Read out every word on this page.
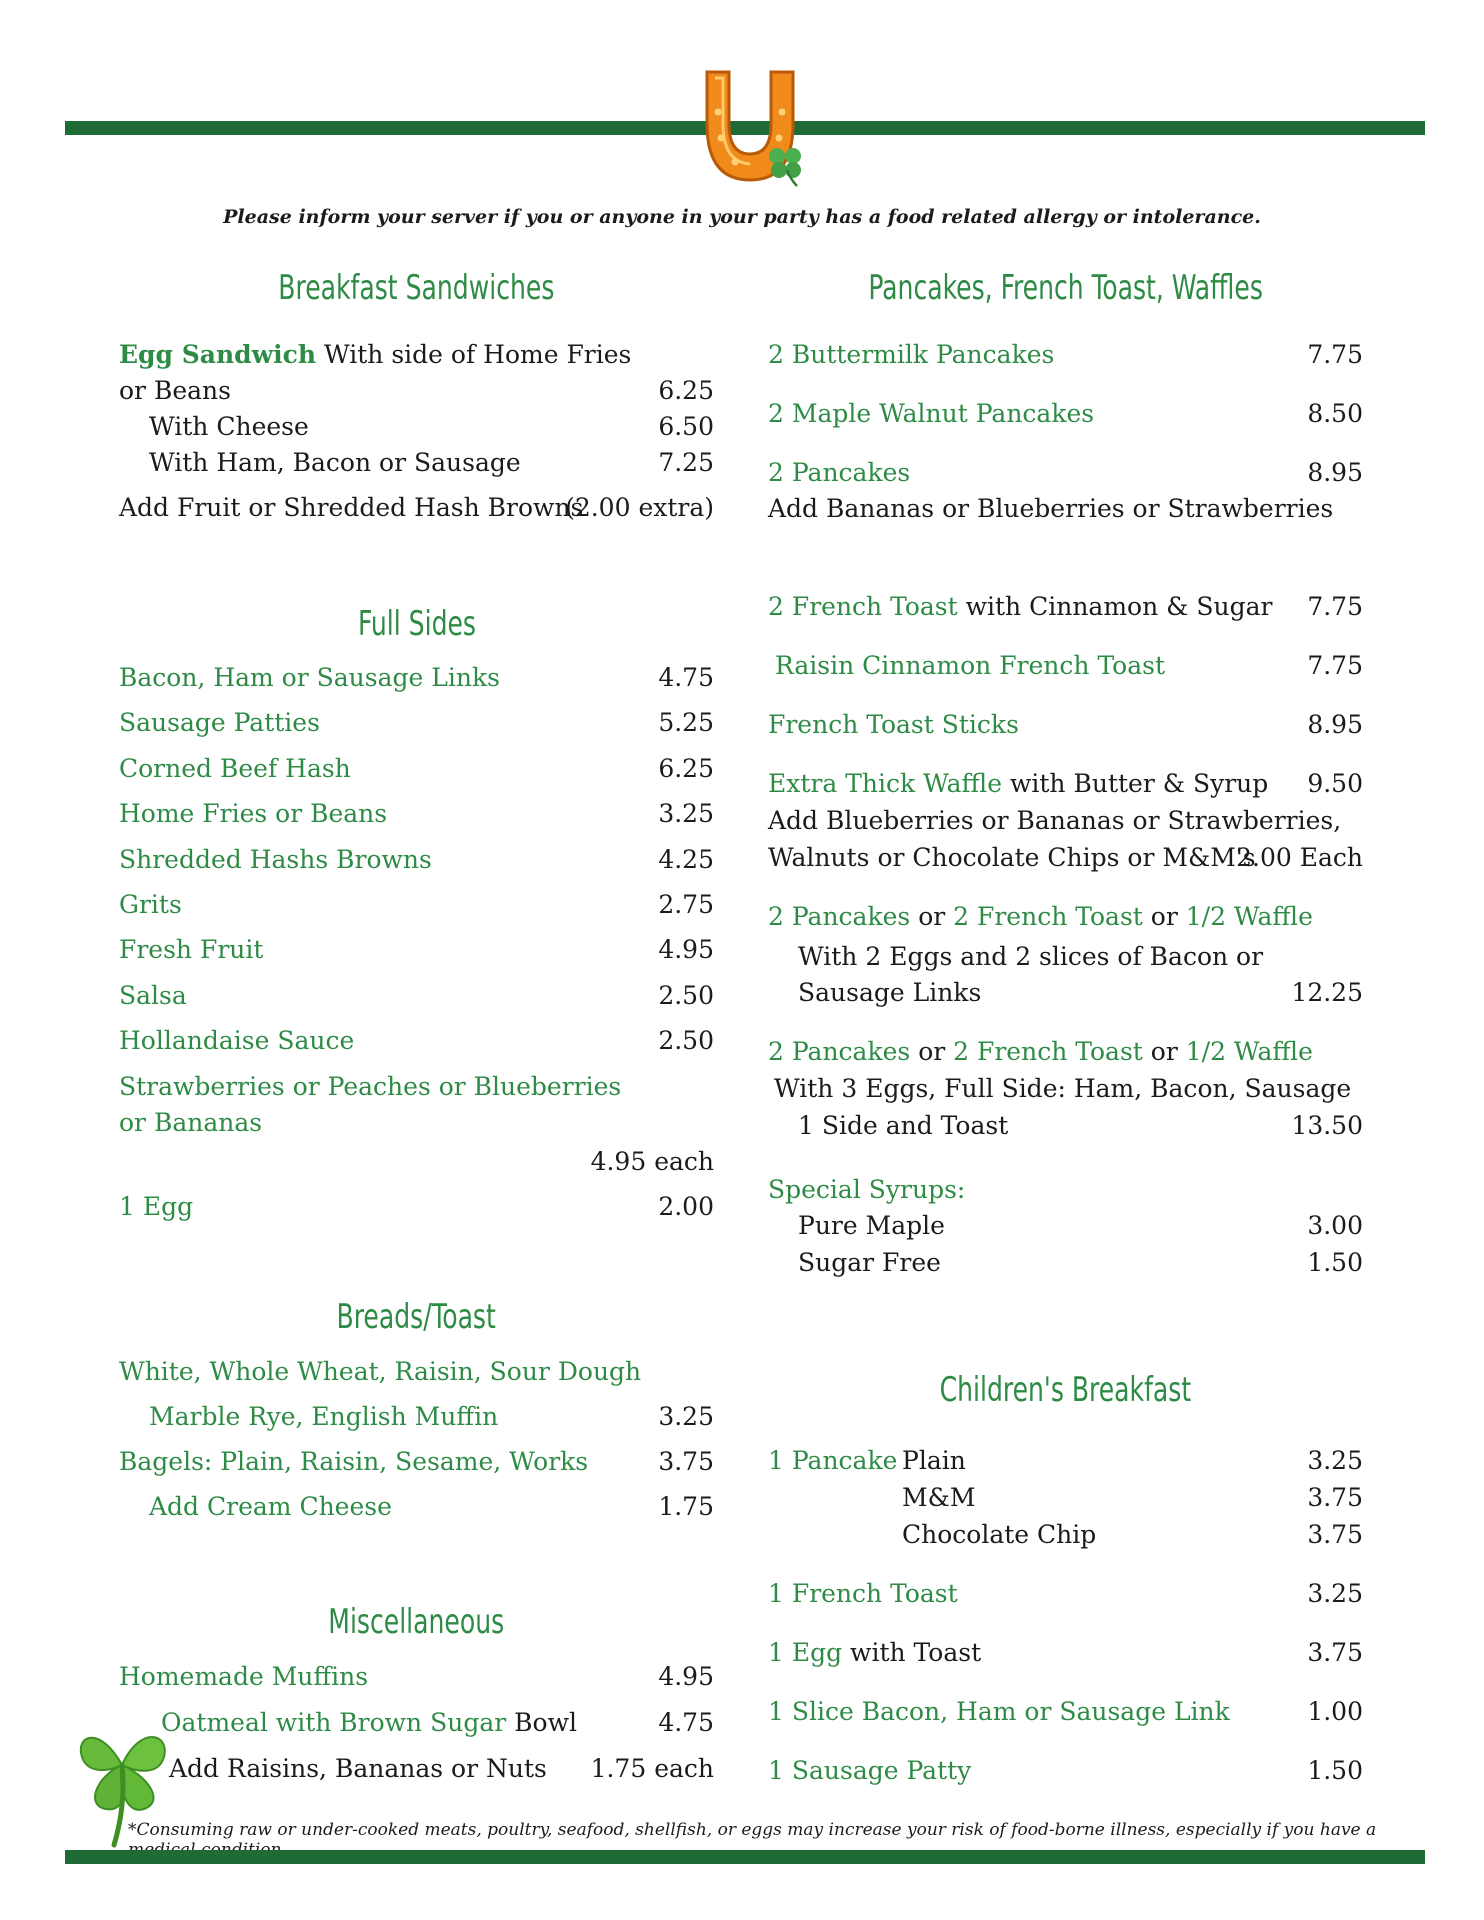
Please inform your server if you or anyone in your party has a food related allergy or intolerance.
Breakfast Sandwiches
Egg Sandwich With side of Home Fries
or Beans	6.25
With Cheese	6.50
With Ham, Bacon or Sausage	7.25
Add Fruit or Shredded Hash Browns
(2.00 extra)
Full Sides
Bacon, Ham or Sausage Links	4.75
Sausage Patties	5.25
Corned Beef Hash	6.25
Home Fries or Beans	3.25
Shredded Hashs Browns	4.25
Grits	2.75
Fresh Fruit	4.95
Salsa	2.50
Hollandaise Sauce	2.50
Strawberries or Peaches or Blueberries
or Bananas
4.95 each
1 Egg	2.00
Breads/Toast
White, Whole Wheat, Raisin, Sour Dough
Marble Rye, English Muffin	3.25
Bagels: Plain, Raisin, Sesame, Works	3.75
Add Cream Cheese	1.75
Miscellaneous
Homemade Muffins	4.95
Oatmeal with Brown Sugar Bowl	4.75
Add Raisins, Bananas or Nuts 1.75 each
Pancakes, French Toast, Waffles
2 Buttermilk Pancakes	7.75
2 Maple Walnut Pancakes	8.50
2 Pancakes	8.95
Add Bananas or Blueberries or Strawberries
2 French Toast with Cinnamon & Sugar 7.75
Raisin Cinnamon French Toast	7.75
French Toast Sticks	8.95
Extra Thick Waffle with Butter & Syrup 9.50
Add Blueberries or Bananas or Strawberries,
Walnuts or Chocolate Chips or M&M's
2.00 Each
2 Pancakes or 2 French Toast or 1/2 Waffle
With 2 Eggs and 2 slices of Bacon or
Sausage Links	12.25
2 Pancakes or 2 French Toast or 1/2 Waffle
With 3 Eggs, Full Side: Ham, Bacon, Sausage
1 Side and Toast	13.50
Special Syrups:
Pure Maple	3.00
Sugar Free	1.50
Children's Breakfast
1 Pancake Plain	3.25
M&M	3.75
Chocolate Chip	3.75
1 French Toast	3.25
1 Egg with Toast	3.75
1 Slice Bacon, Ham or Sausage Link	1.00
1 Sausage Patty	1.50
*Consuming raw or under-cooked meats, poultry, seafood, shellfish, or eggs may increase your risk of food-borne illness, especially if you have a
